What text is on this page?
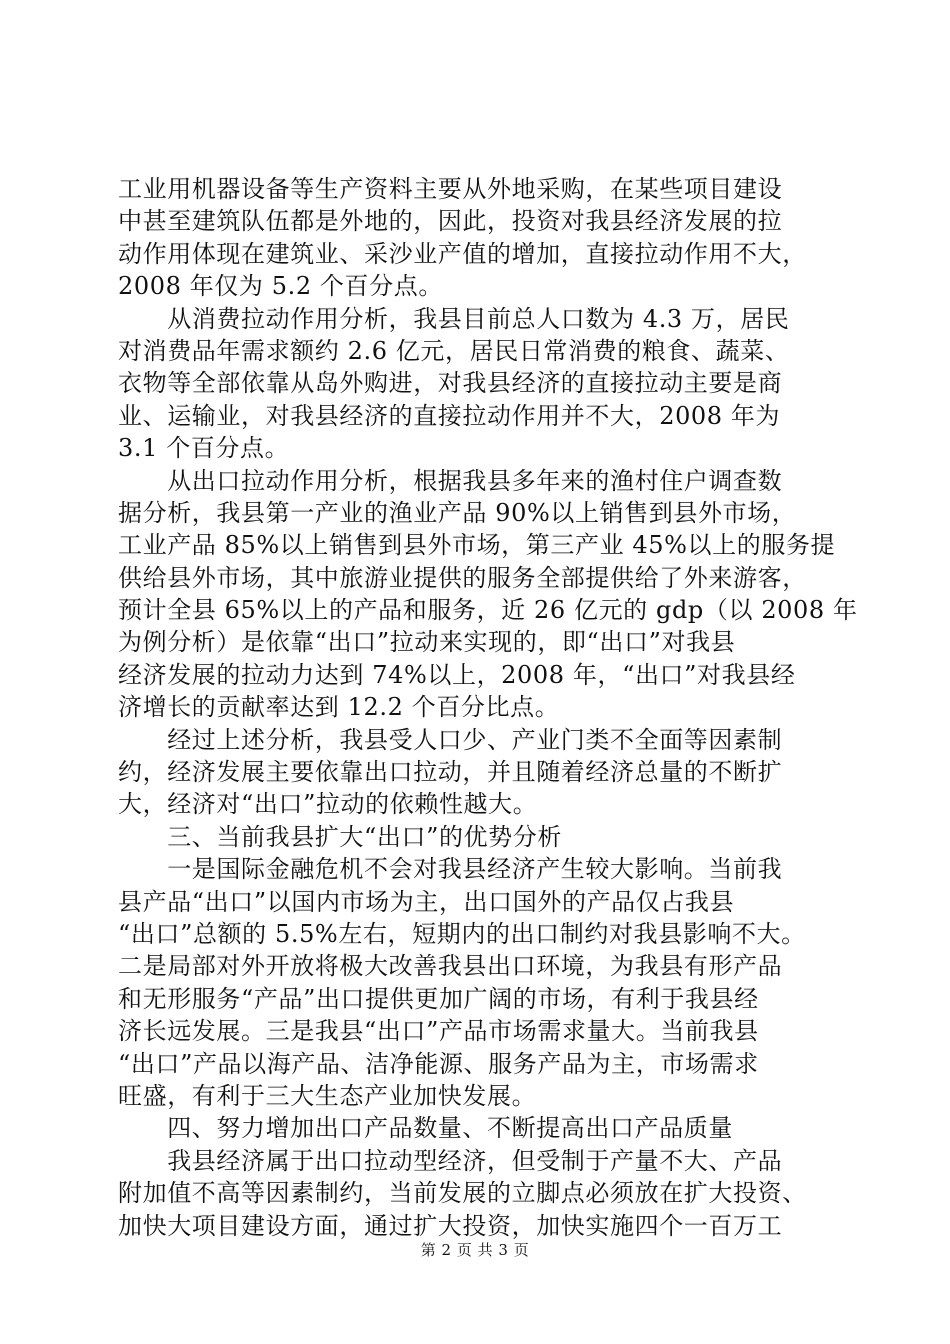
工业用机器设备等生产资料主要从外地采购，在某些项目建设
中甚至建筑队伍都是外地的，因此，投资对我县经济发展的拉
动作用体现在建筑业、采沙业产值的增加，直接拉动作用不大，
2008 年仅为 5.2 个百分点。
　　从消费拉动作用分析，我县目前总人口数为 4.3 万，居民
对消费品年需求额约 2.6 亿元，居民日常消费的粮食、蔬菜、
衣物等全部依靠从岛外购进，对我县经济的直接拉动主要是商
业、运输业，对我县经济的直接拉动作用并不大，2008 年为
3.1 个百分点。
　　从出口拉动作用分析，根据我县多年来的渔村住户调查数
据分析，我县第一产业的渔业产品 90%以上销售到县外市场，
工业产品 85%以上销售到县外市场，第三产业 45%以上的服务提
供给县外市场，其中旅游业提供的服务全部提供给了外来游客，
预计全县 65%以上的产品和服务，近 26 亿元的 gdp（以 2008 年
为例分析）是依靠“出口”拉动来实现的，即“出口”对我县
经济发展的拉动力达到 74%以上，2008 年，“出口”对我县经
济增长的贡献率达到 12.2 个百分比点。
　　经过上述分析，我县受人口少、产业门类不全面等因素制
约，经济发展主要依靠出口拉动，并且随着经济总量的不断扩
大，经济对“出口”拉动的依赖性越大。
　　三、当前我县扩大“出口”的优势分析
　　一是国际金融危机不会对我县经济产生较大影响。当前我
县产品“出口”以国内市场为主，出口国外的产品仅占我县
“出口”总额的 5.5%左右，短期内的出口制约对我县影响不大。
二是局部对外开放将极大改善我县出口环境，为我县有形产品
和无形服务“产品”出口提供更加广阔的市场，有利于我县经
济长远发展。三是我县“出口”产品市场需求量大。当前我县
“出口”产品以海产品、洁净能源、服务产品为主，市场需求
旺盛，有利于三大生态产业加快发展。
　　四、努力增加出口产品数量、不断提高出口产品质量
　　我县经济属于出口拉动型经济，但受制于产量不大、产品
附加值不高等因素制约，当前发展的立脚点必须放在扩大投资、
加快大项目建设方面，通过扩大投资，加快实施四个一百万工
第 2 页 共 3 页
